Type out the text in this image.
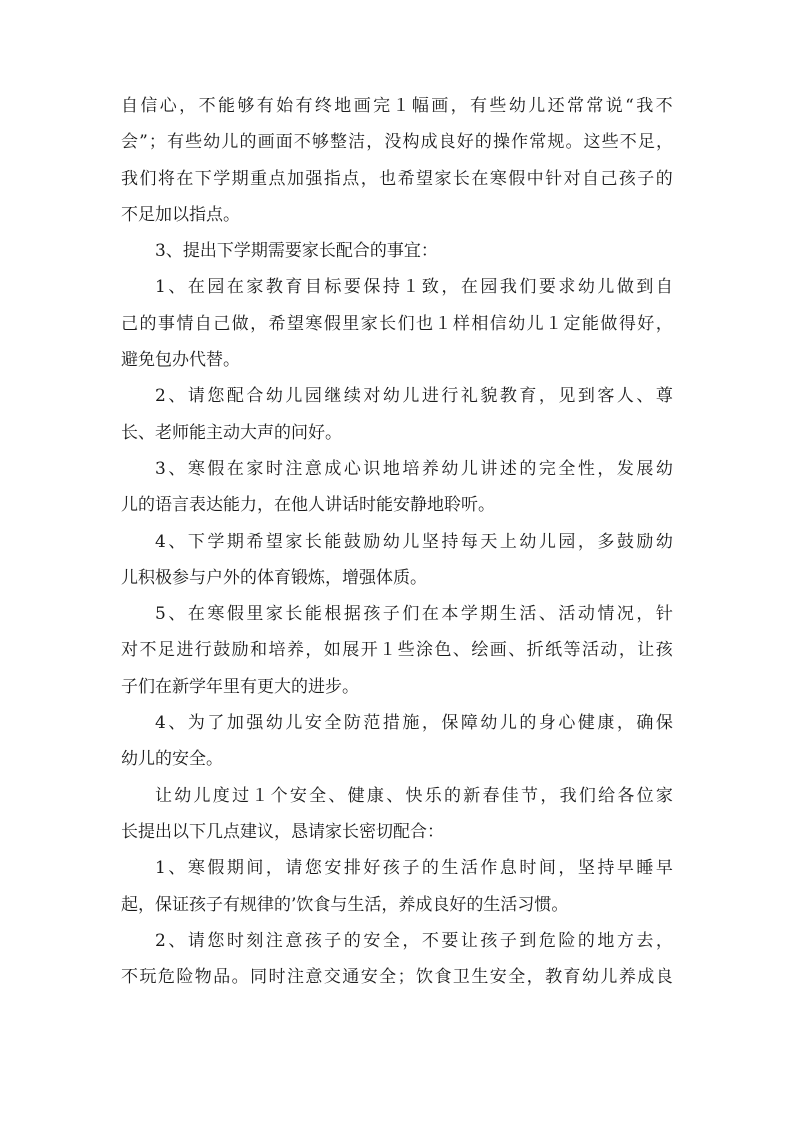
自 信 心 ， 不 能 够 有 始 有 终 地 画 完 １ 幅 画 ， 有 些 幼 儿 还 常 常 说 “ 我 不
会 ” ； 有 些 幼 儿 的 画 面 不 够 整 洁 ， 没 构 成 良 好 的 操 作 常 规 。 这 些 不 足 ，
我 们 将 在 下 学 期 重 点 加 强 指 点 ， 也 希 望 家 长 在 寒 假 中 针 对 自 己 孩 子 的
不足加以指点。
3、提出下学期需要家长配合的事宜：
1 、 在 园 在 家 教 育 目 标 要 保 持 １ 致 ， 在 园 我 们 要 求 幼 儿 做 到 自
己 的 事 情 自 己 做 ， 希 望 寒 假 里 家 长 们 也 １ 样 相 信 幼 儿 １ 定 能 做 得 好 ，
避免包办代替。
2 、 请 您 配 合 幼 儿 园 继 续 对 幼 儿 进 行 礼 貌 教 育 ， 见 到 客 人 、 尊
长、老师能主动大声的问好。
3 、 寒 假 在 家 时 注 意 成 心 识 地 培 养 幼 儿 讲 述 的 完 全 性 ， 发 展 幼
儿的语言表达能力，在他人讲话时能安静地聆听。
4 、 下 学 期 希 望 家 长 能 鼓 励 幼 儿 坚 持 每 天 上 幼 儿 园 ， 多 鼓 励 幼
儿积极参与户外的体育锻炼，增强体质。
5 、 在 寒 假 里 家 长 能 根 据 孩 子 们 在 本 学 期 生 活 、 活 动 情 况 ， 针
对 不 足 进 行 鼓 励 和 培 养 ， 如 展 开 １ 些 涂 色 、 绘 画 、 折 纸 等 活 动 ， 让 孩
子们在新学年里有更大的进步。
4 、 为 了 加 强 幼 儿 安 全 防 范 措 施 ， 保 障 幼 儿 的 身 心 健 康 ， 确 保
幼儿的安全。
让 幼 儿 度 过 １ 个 安 全 、 健 康 、 快 乐 的 新 春 佳 节 ， 我 们 给 各 位 家
长提出以下几点建议，恳请家长密切配合：
1 、 寒 假 期 间 ， 请 您 安 排 好 孩 子 的 生 活 作 息 时 间 ， 坚 持 早 睡 早
起，保证孩子有规律的’饮食与生活，养成良好的生活习惯。
2 、 请 您 时 刻 注 意 孩 子 的 安 全 ， 不 要 让 孩 子 到 危 险 的 地 方 去 ，
不 玩 危 险 物 品 。 同 时 注 意 交 通 安 全 ； 饮 食 卫 生 安 全 ， 教 育 幼 儿 养 成 良
